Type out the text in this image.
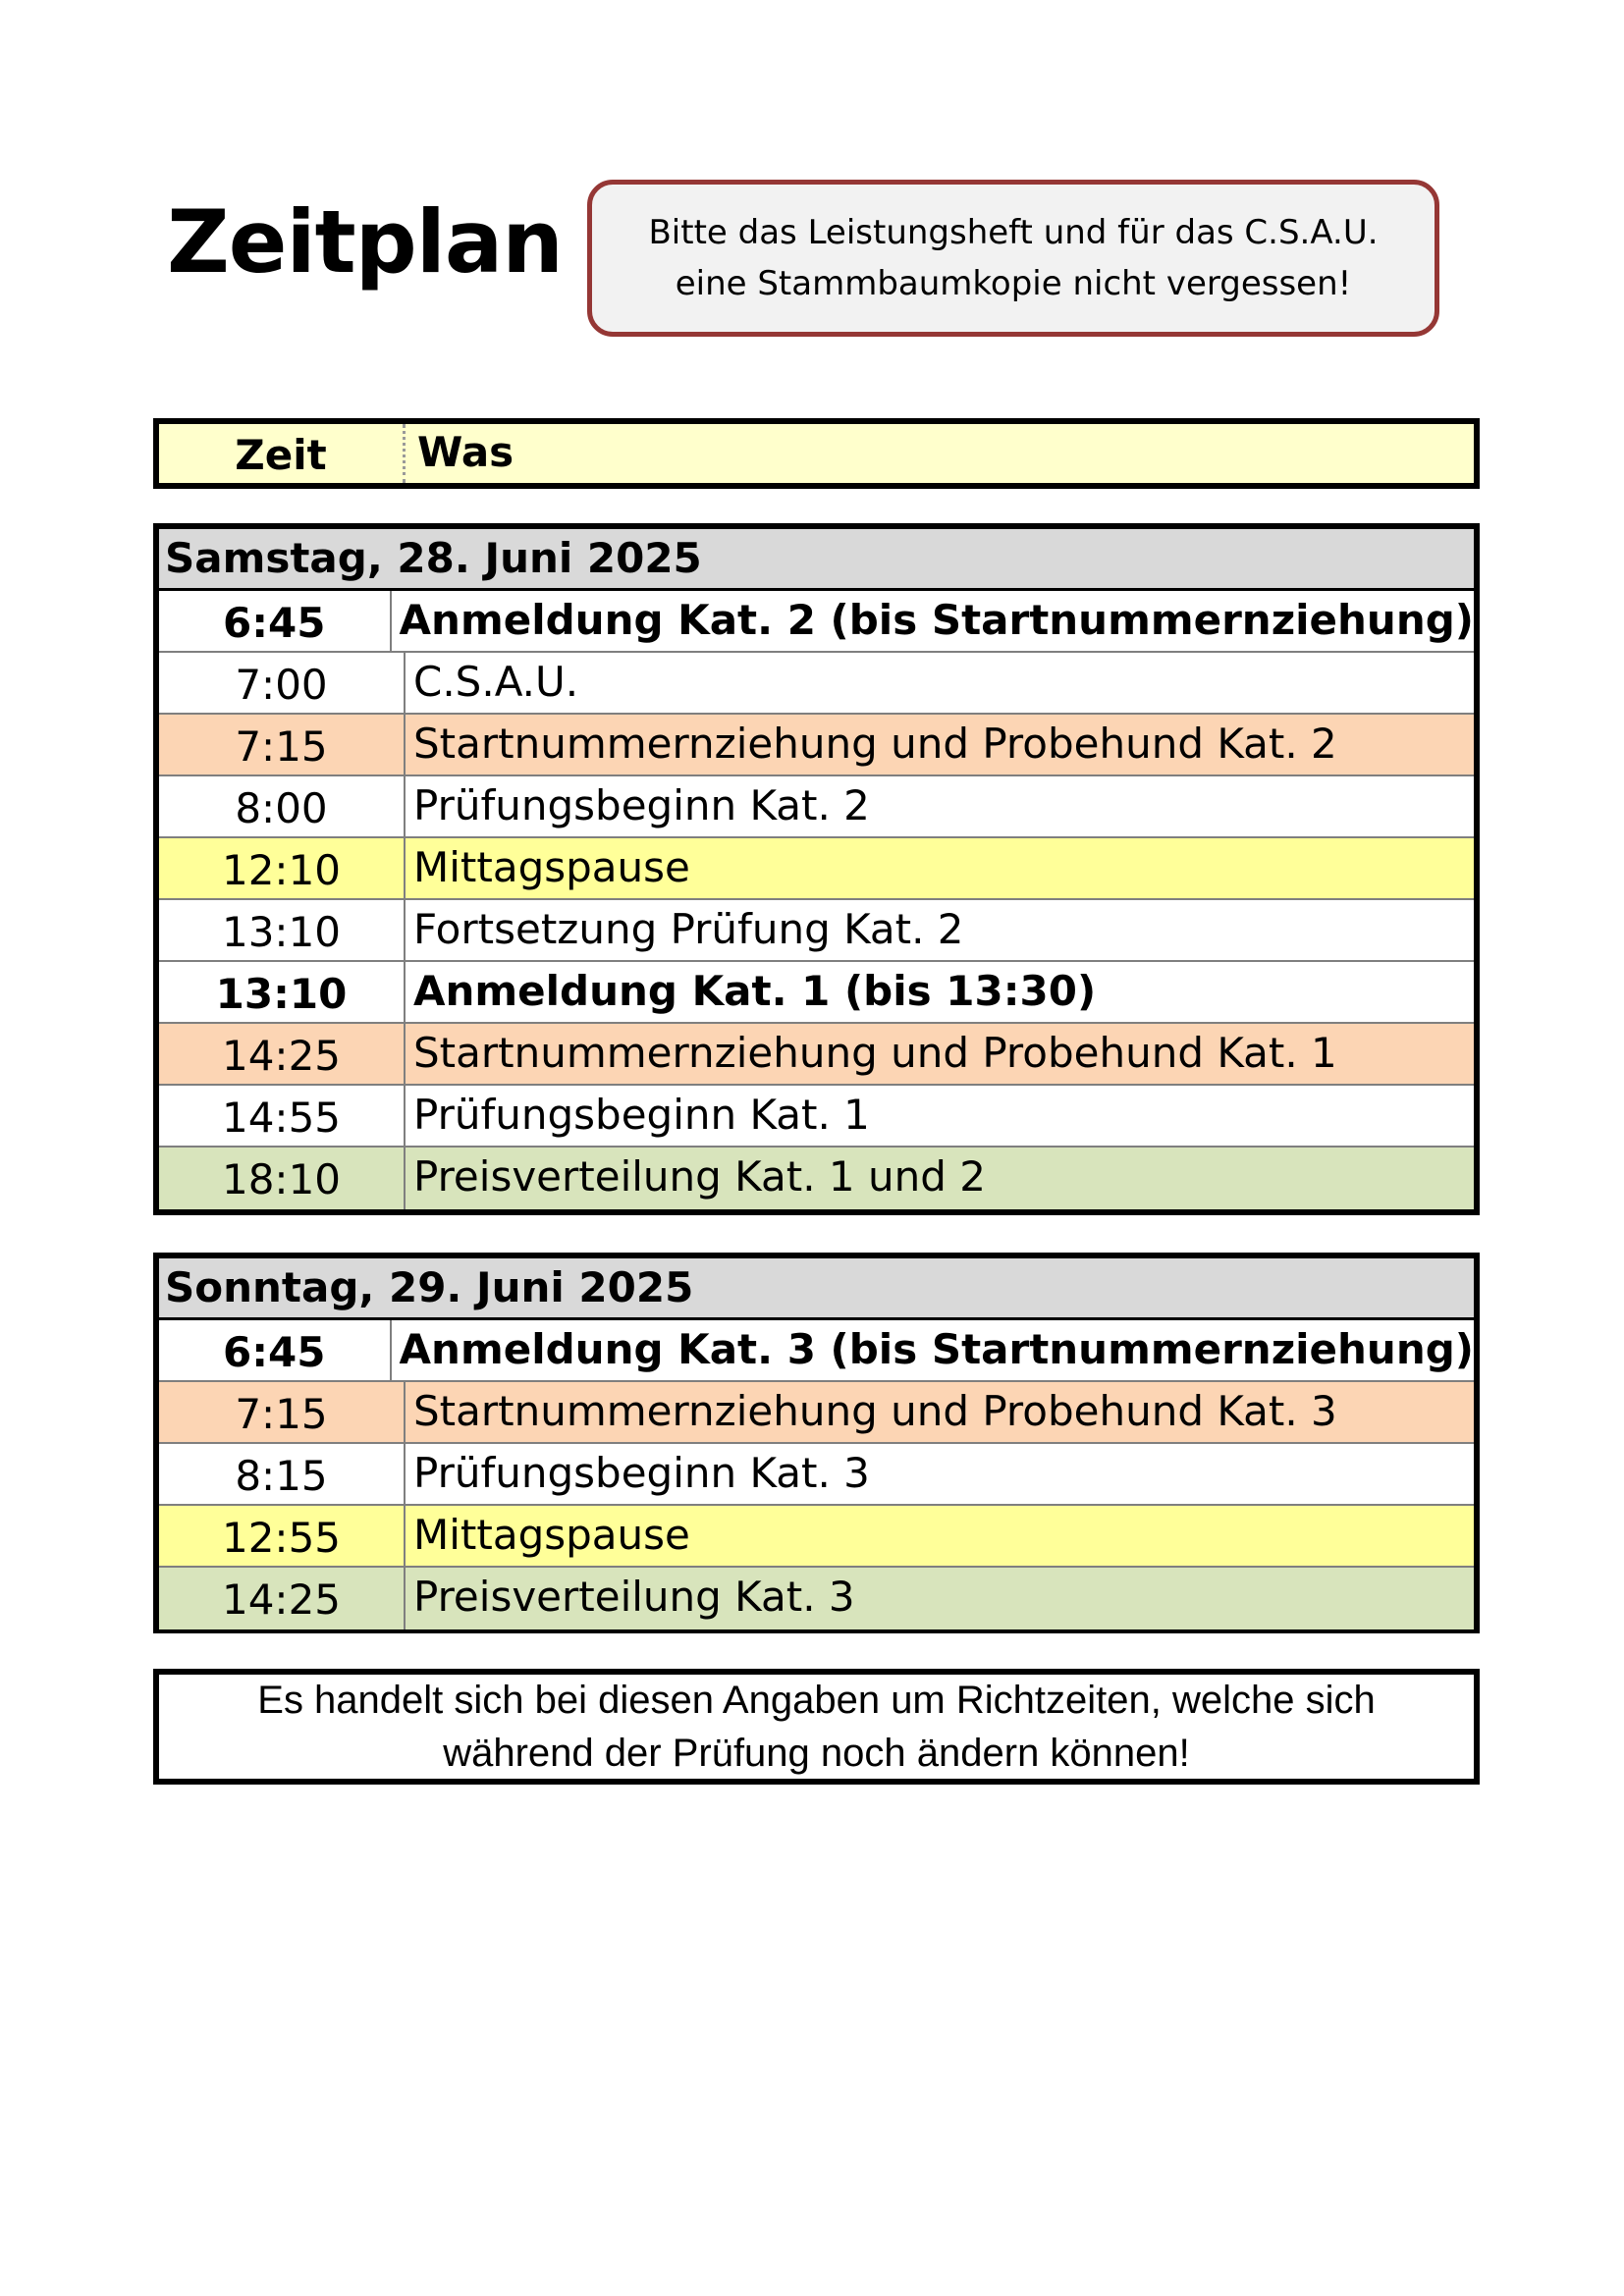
Zeitplan	Bitte das Leistungsheft und für das C.S.A.U.
eine Stammbaumkopie nicht vergessen!
Zeit	Was
Samstag, 28. Juni 2025
6:45	Anmeldung Kat. 2 (bis Startnummernziehung)
7:00	C.S.A.U.
7:15	Startnummernziehung und Probehund Kat. 2
8:00	Prüfungsbeginn Kat. 2
12:10	Mittagspause
13:10	Fortsetzung Prüfung Kat. 2
13:10	Anmeldung Kat. 1 (bis 13:30)
14:25	Startnummernziehung und Probehund Kat. 1
14:55	Prüfungsbeginn Kat. 1
18:10	Preisverteilung Kat. 1 und 2
Sonntag, 29. Juni 2025
6:45	Anmeldung Kat. 3 (bis Startnummernziehung)
7:15	Startnummernziehung und Probehund Kat. 3
8:15	Prüfungsbeginn Kat. 3
12:55	Mittagspause
14:25	Preisverteilung Kat. 3
Es handelt sich bei diesen Angaben um Richtzeiten, welche sich
während der Prüfung noch ändern können!
